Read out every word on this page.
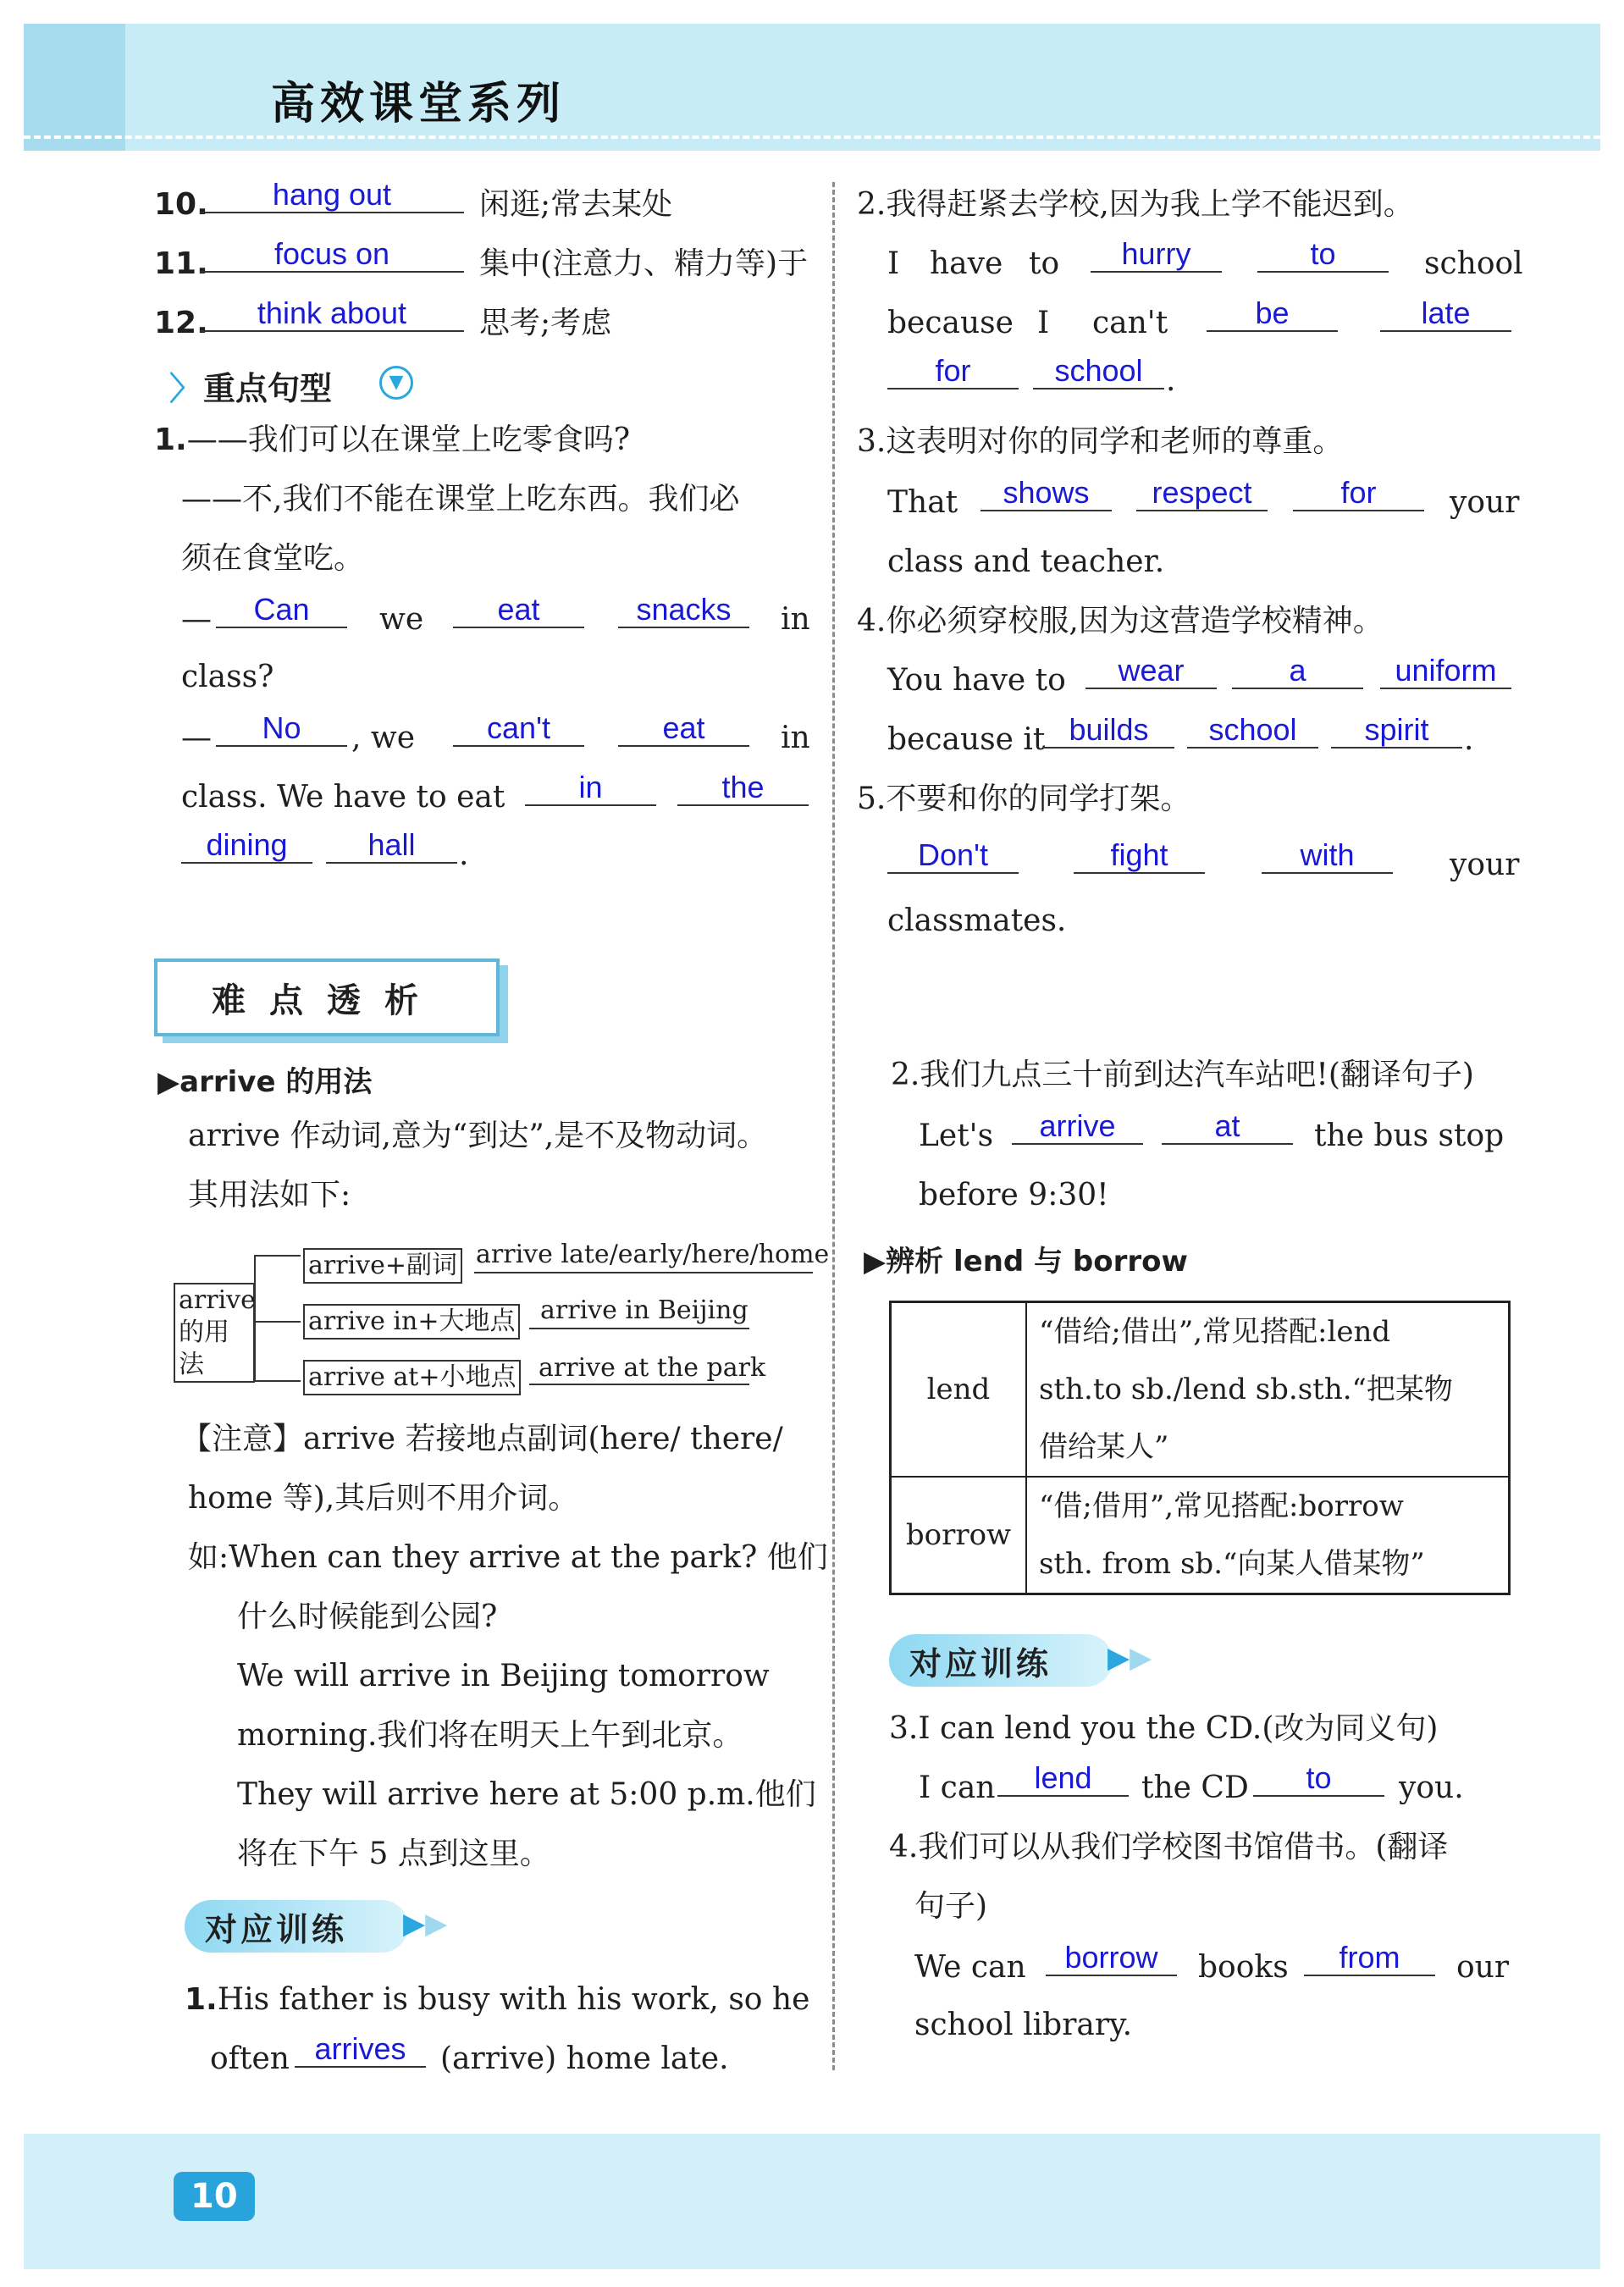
高效课堂系列
10.	hang out	闲逛;常去某处
11.	focus on	集中(注意力、精力等)于
12.	think about	思考;考虑
〉 重点句型	▼
1.——我们可以在课堂上吃零食吗?
——不,我们不能在课堂上吃东西。我们必
须在食堂吃。
—	Can	we	eat	snacks	in
class?
—	No	, we	can't	eat	in
class. We have to eat	in	the
dining	hall	.
2.我得赶紧去学校,因为我上学不能迟到。
I have to	hurry	to	school
because I can't	be	late
for	school .
3.这表明对你的同学和老师的尊重。
That	shows	respect	for	your
class and teacher.
4.你必须穿校服,因为这营造学校精神。
You have to	wear	a	uniform
because it builds	school	spirit	.
5.不要和你的同学打架。
Don't	fight	with	your
classmates.
难点透析
▶arrive 的用法
arrive 作动词,意为“到达”,是不及物动词。
其用法如下:
arrive
的用法
arrive+副词 arrive late/early/here/home
arrive in+大地点 arrive in Beijing
arrive at+小地点 arrive at the park
【注意】arrive 若接地点副词(here/ there/
home 等),其后则不用介词。
如:When can they arrive at the park? 他们
什么时候能到公园?
We will arrive in Beijing tomorrow
morning.我们将在明天上午到北京。
They will arrive here at 5:00 p.m.他们
将在下午 5 点到这里。
对应训练	▶▶
1.His father is busy with his work, so he
often arrives	(arrive) home late.
2.我们九点三十前到达汽车站吧!(翻译句子)
Let's	arrive	at	the bus stop
before 9:30!
▶辨析 lend 与 borrow
lend	“借给;借出”,常见搭配:lend
sth.to sb./lend sb.sth.“把某物
借给某人”

borrow	“借;借用”,常见搭配:borrow
sth. from sb.“向某人借某物”
对应训练	▶▶
3.I can lend you the CD.(改为同义句)
I can	lend	the CD	to	you.
4.我们可以从我们学校图书馆借书。(翻译
句子)
We can	borrow	books	from	our
school library.
10
